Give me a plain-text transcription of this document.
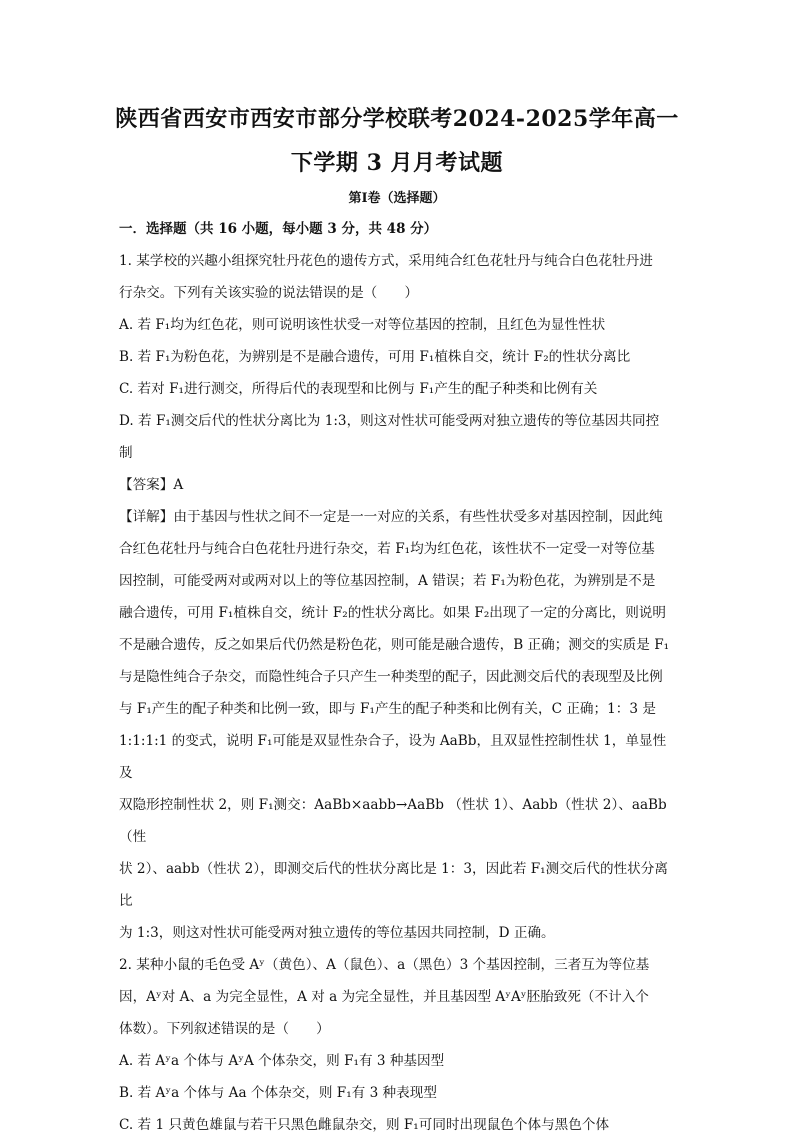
陕西省西安市西安市部分学校联考2024-2025学年高一
下学期 3 月月考试题
第Ⅰ卷（选择题）
一．选择题（共 16 小题，每小题 3 分，共 48 分）

1. 某学校的兴趣小组探究牡丹花色的遗传方式，采用纯合红色花牡丹与纯合白色花牡丹进

行杂交。下列有关该实验的说法错误的是（　　）

A. 若 F₁均为红色花，则可说明该性状受一对等位基因的控制，且红色为显性性状

B. 若 F₁为粉色花，为辨别是不是融合遗传，可用 F₁植株自交，统计 F₂的性状分离比

C. 若对 F₁进行测交，所得后代的表现型和比例与 F₁产生的配子种类和比例有关

D. 若 F₁测交后代的性状分离比为 1:3，则这对性状可能受两对独立遗传的等位基因共同控

制

【答案】A

【详解】由于基因与性状之间不一定是一一对应的关系，有些性状受多对基因控制，因此纯

合红色花牡丹与纯合白色花牡丹进行杂交，若 F₁均为红色花，该性状不一定受一对等位基

因控制，可能受两对或两对以上的等位基因控制，A 错误；若 F₁为粉色花，为辨别是不是

融合遗传，可用 F₁植株自交，统计 F₂的性状分离比。如果 F₂出现了一定的分离比，则说明

不是融合遗传，反之如果后代仍然是粉色花，则可能是融合遗传，B 正确；测交的实质是 F₁

与是隐性纯合子杂交，而隐性纯合子只产生一种类型的配子，因此测交后代的表现型及比例

与 F₁产生的配子种类和比例一致，即与 F₁产生的配子种类和比例有关，C 正确；1：3 是

1:1:1:1 的变式，说明 F₁可能是双显性杂合子，设为 AaBb，且双显性控制性状 1，单显性及

双隐形控制性状 2，则 F₁测交：AaBb×aabb→AaBb （性状 1）、Aabb（性状 2）、aaBb（性

状 2）、aabb（性状 2），即测交后代的性状分离比是 1：3，因此若 F₁测交后代的性状分离比

为 1:3，则这对性状可能受两对独立遗传的等位基因共同控制，D 正确。

2. 某种小鼠的毛色受 Aʸ（黄色）、A（鼠色）、a（黑色）3 个基因控制，三者互为等位基

因，Aʸ对 A、a 为完全显性，A 对 a 为完全显性，并且基因型 AʸAʸ胚胎致死（不计入个

体数）。下列叙述错误的是（　　）

A. 若 Aʸa 个体与 AʸA 个体杂交，则 F₁有 3 种基因型

B. 若 Aʸa 个体与 Aa 个体杂交，则 F₁有 3 种表现型

C. 若 1 只黄色雄鼠与若干只黑色雌鼠杂交，则 F₁可同时出现鼠色个体与黑色个体
